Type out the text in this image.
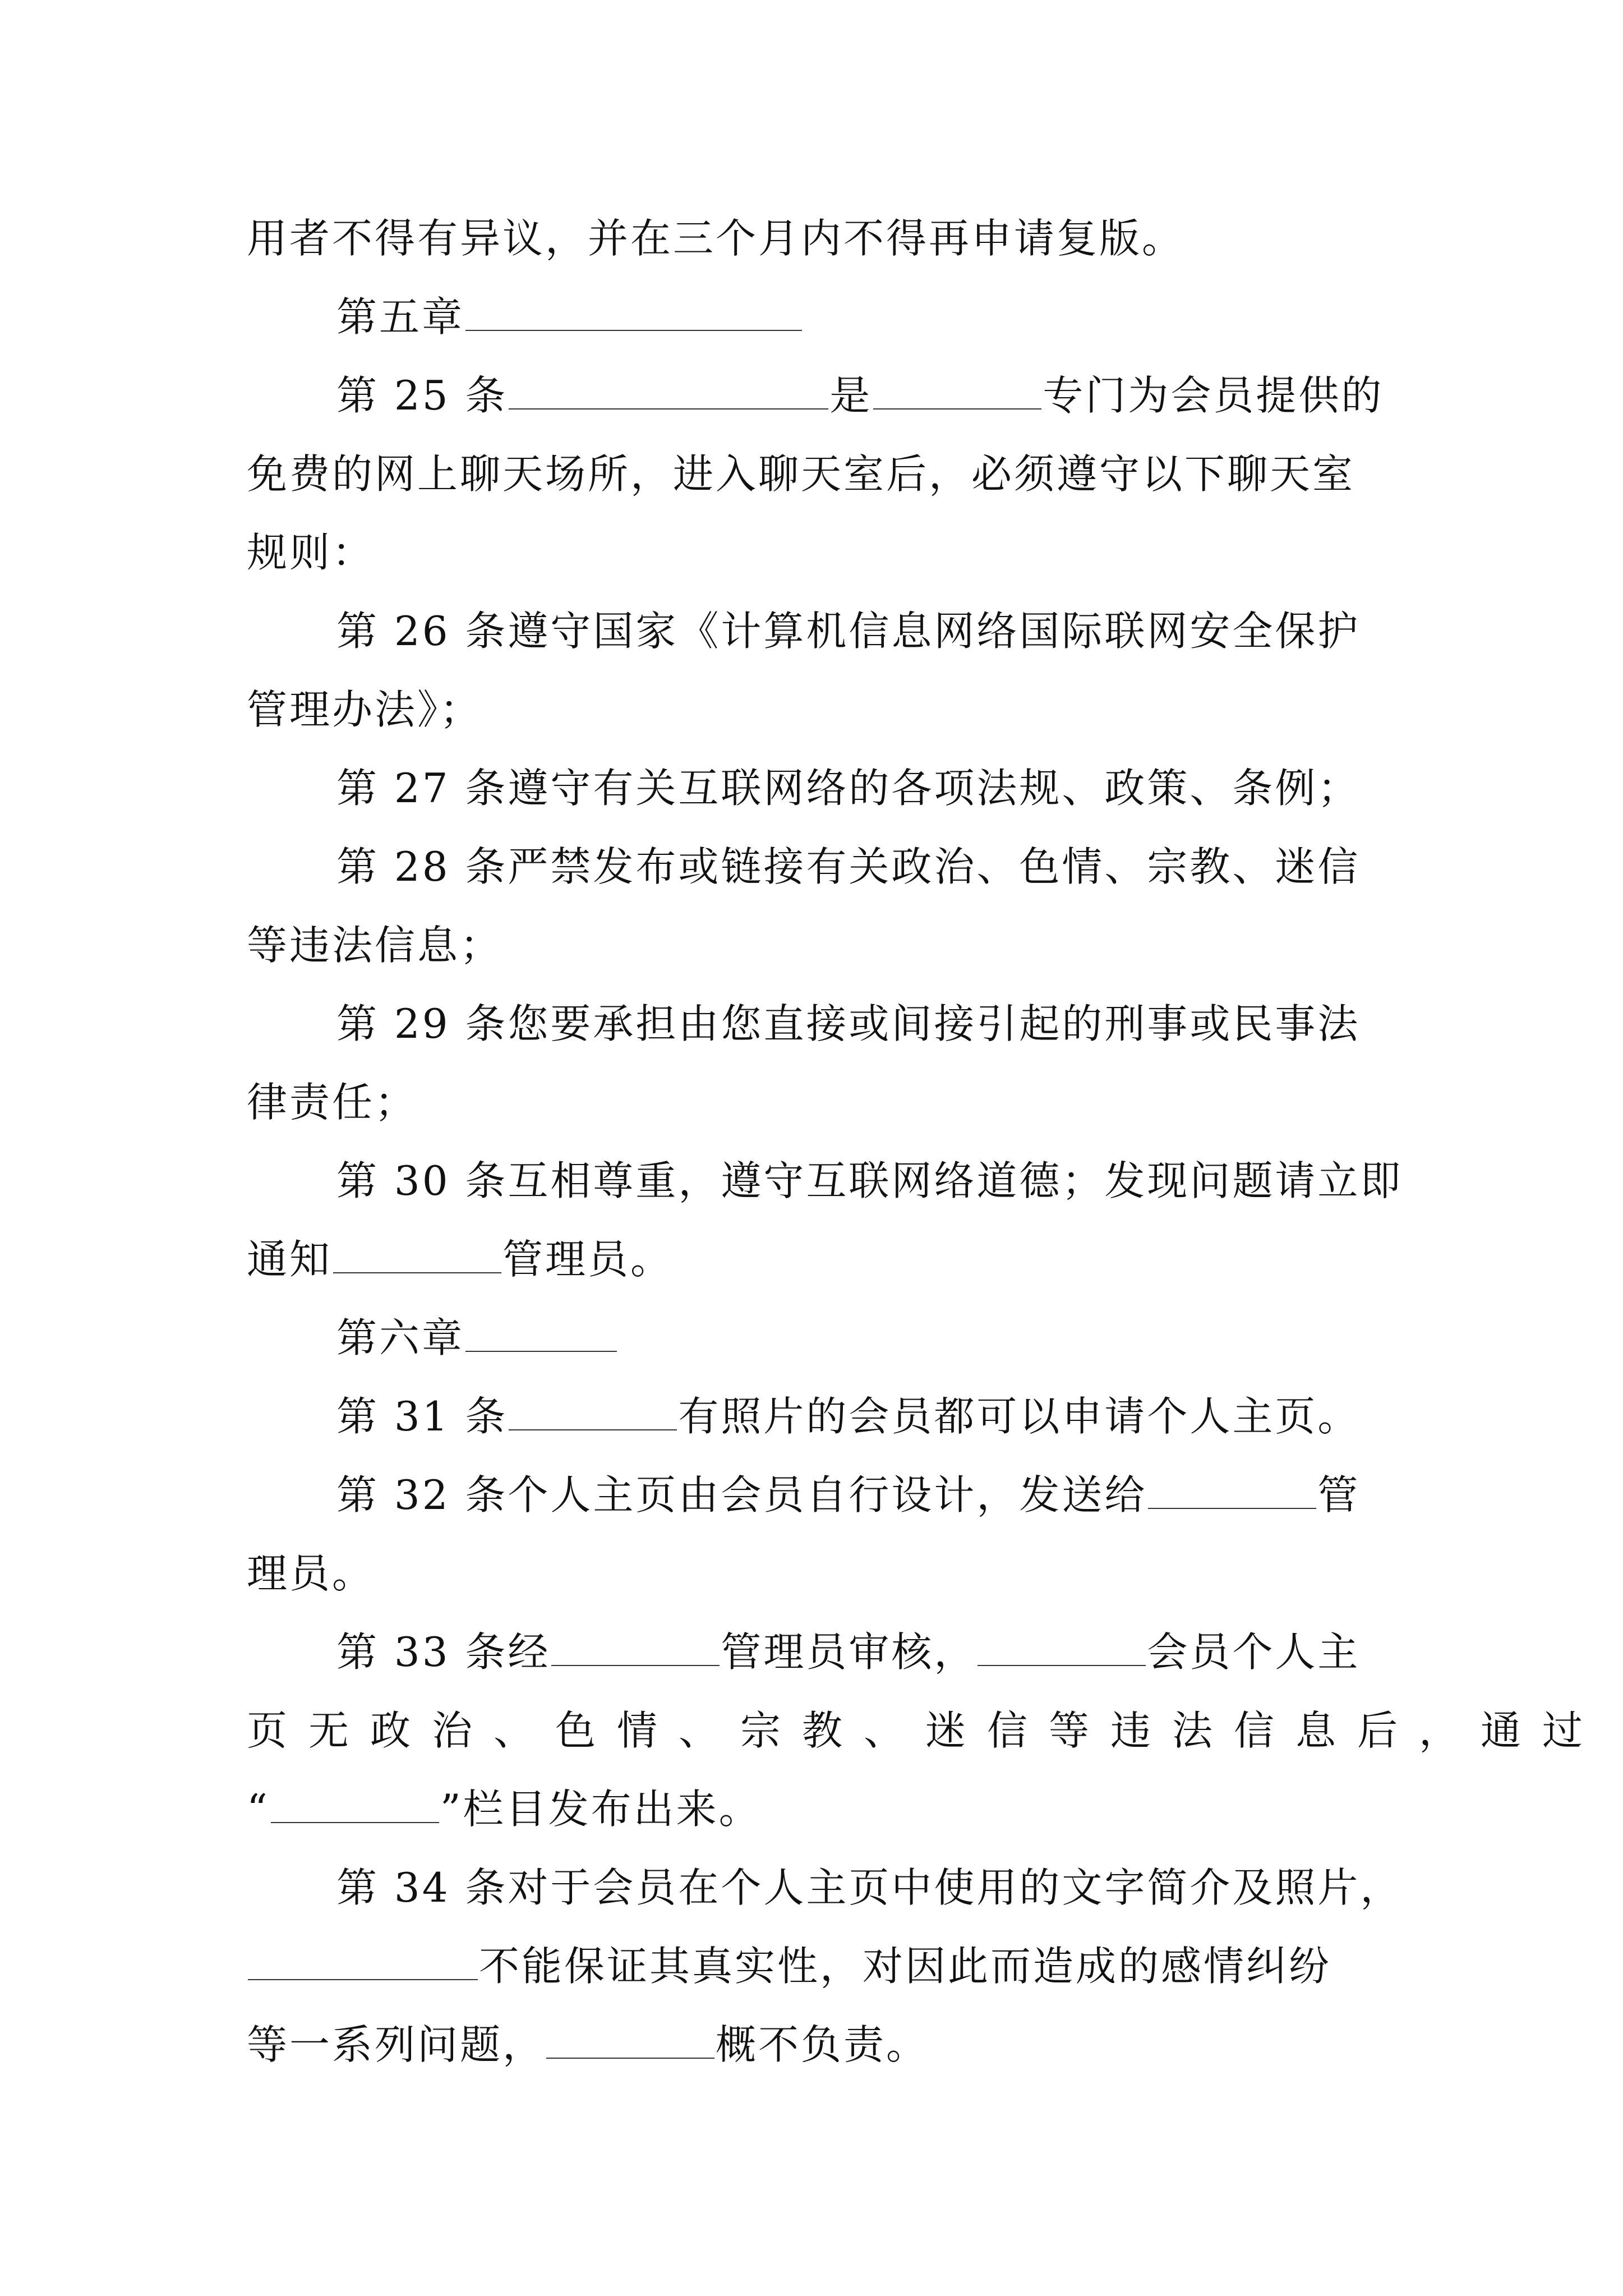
用者不得有异议，并在三个月内不得再申请复版。
第五章
第 25 条	是	专门为会员提供的
免费的网上聊天场所，进入聊天室后，必须遵守以下聊天室
规则：
第 26 条遵守国家《计算机信息网络国际联网安全保护
管理办法》；
第 27 条遵守有关互联网络的各项法规、政策、条例；
第 28 条严禁发布或链接有关政治、色情、宗教、迷信
等违法信息；
第 29 条您要承担由您直接或间接引起的刑事或民事法
律责任；
第 30 条互相尊重，遵守互联网络道德；发现问题请立即
通知	管理员。
第六章
第 31 条	有照片的会员都可以申请个人主页。
第 32 条个人主页由会员自行设计，发送给	管
理员。
第 33 条经	管理员审核，	会员个人主
页无政治、色情、宗教、迷信等违法信息后，通过
“	”栏目发布出来。
第 34 条对于会员在个人主页中使用的文字简介及照片，
不能保证其真实性，对因此而造成的感情纠纷
等一系列问题，	概不负责。
